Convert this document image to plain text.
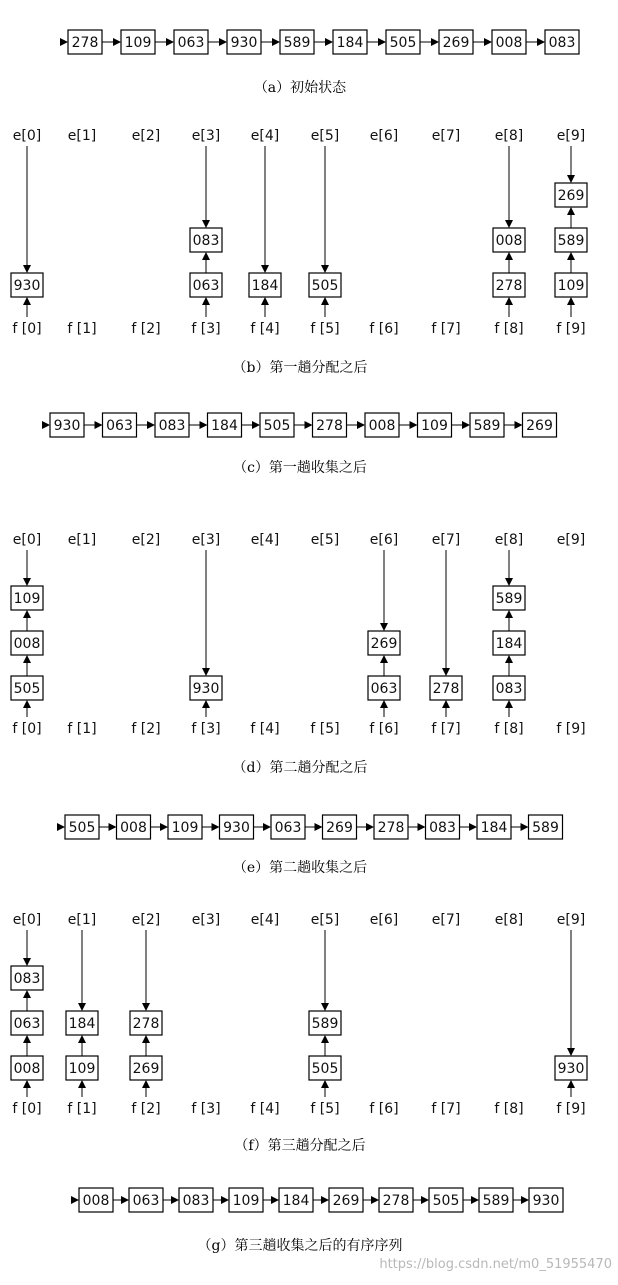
278 109 063 930 589 184 505 269 008 083
（a）初始状态
e[0]
f [0]
930
e[1]
f [1]
e[2]
f [2]
e[3]
f [3]
063
083
e[4]
f [4]
184
e[5]
f [5]
505
e[6]
f [6]
e[7]
f [7]
e[8]
f [8]
278
008
e[9]
f [9]
109
589
269
（b）第一趟分配之后
930 063 083 184 505 278 008 109 589 269
（c）第一趟收集之后
e[0]
f [0]
505
008
109
e[1]
f [1]
e[2]
f [2]
e[3]
f [3]
930
e[4]
f [4]
e[5]
f [5]
e[6]
f [6]
063
269
e[7]
f [7]
278
e[8]
f [8]
083
184
589
e[9]
f [9]
（d）第二趟分配之后
505 008 109 930 063 269 278 083 184 589
（e）第二趟收集之后
e[0]
f [0]
008
063
083
e[1]
f [1]
109
184
e[2]
f [2]
269
278
e[3]
f [3]
e[4]
f [4]
e[5]
f [5]
505
589
e[6]
f [6]
e[7]
f [7]
e[8]
f [8]
e[9]
f [9]
930
（f）第三趟分配之后
008 063 083 109 184 269 278 505 589 930
（g）第三趟收集之后的有序序列
https://blog.csdn.net/m0_51955470
